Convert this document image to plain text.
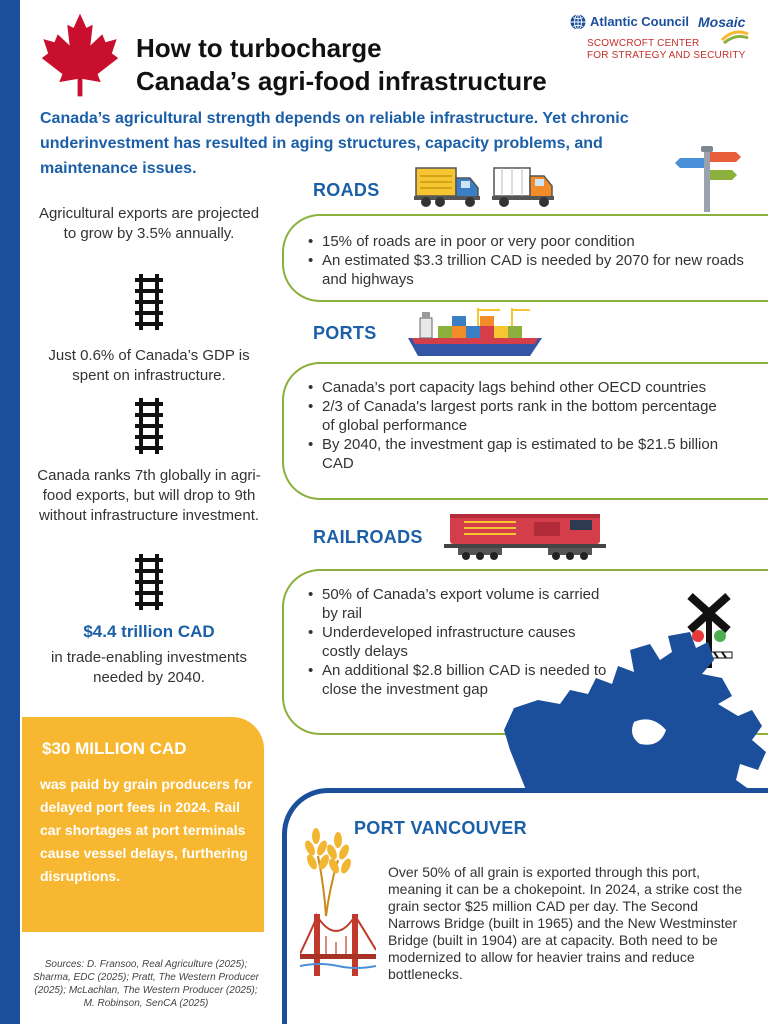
How to turbocharge
Canada’s agri-food infrastructure
Atlantic Council Mosaic
SCOWCROFT CENTER
FOR STRATEGY AND SECURITY
Canada’s agricultural strength depends on reliable infrastructure. Yet chronic underinvestment has resulted in aging structures, capacity problems, and maintenance issues.
Agricultural exports are projected to grow by 3.5% annually.
Just 0.6% of Canada’s GDP is spent on infrastructure.
Canada ranks 7th globally in agri-food exports, but will drop to 9th without infrastructure investment.
$4.4 trillion CAD
in trade-enabling investments needed by 2040.
$30 MILLION CAD
was paid by grain producers for delayed port fees in 2024. Rail car shortages at port terminals cause vessel delays, furthering disruptions.
Sources: D. Fransoo, Real Agriculture (2025); Sharma, EDC (2025); Pratt, The Western Producer (2025); McLachlan, The Western Producer (2025); M. Robinson, SenCA (2025)
ROADS
• 15% of roads are in poor or very poor condition
• An estimated $3.3 trillion CAD is needed by 2070 for new roads and highways
PORTS
• Canada’s port capacity lags behind other OECD countries
• 2/3 of Canada's largest ports rank in the bottom percentage of global performance
• By 2040, the investment gap is estimated to be $21.5 billion CAD
RAILROADS
• 50% of Canada’s export volume is carried by rail
• Underdeveloped infrastructure causes costly delays
• An additional $2.8 billion CAD is needed to close the investment gap
PORT VANCOUVER
Over 50% of all grain is exported through this port, meaning it can be a chokepoint. In 2024, a strike cost the grain sector $25 million CAD per day. The Second Narrows Bridge (built in 1965) and the New Westminster Bridge (built in 1904) are at capacity. Both need to be modernized to allow for heavier trains and reduce bottlenecks.
